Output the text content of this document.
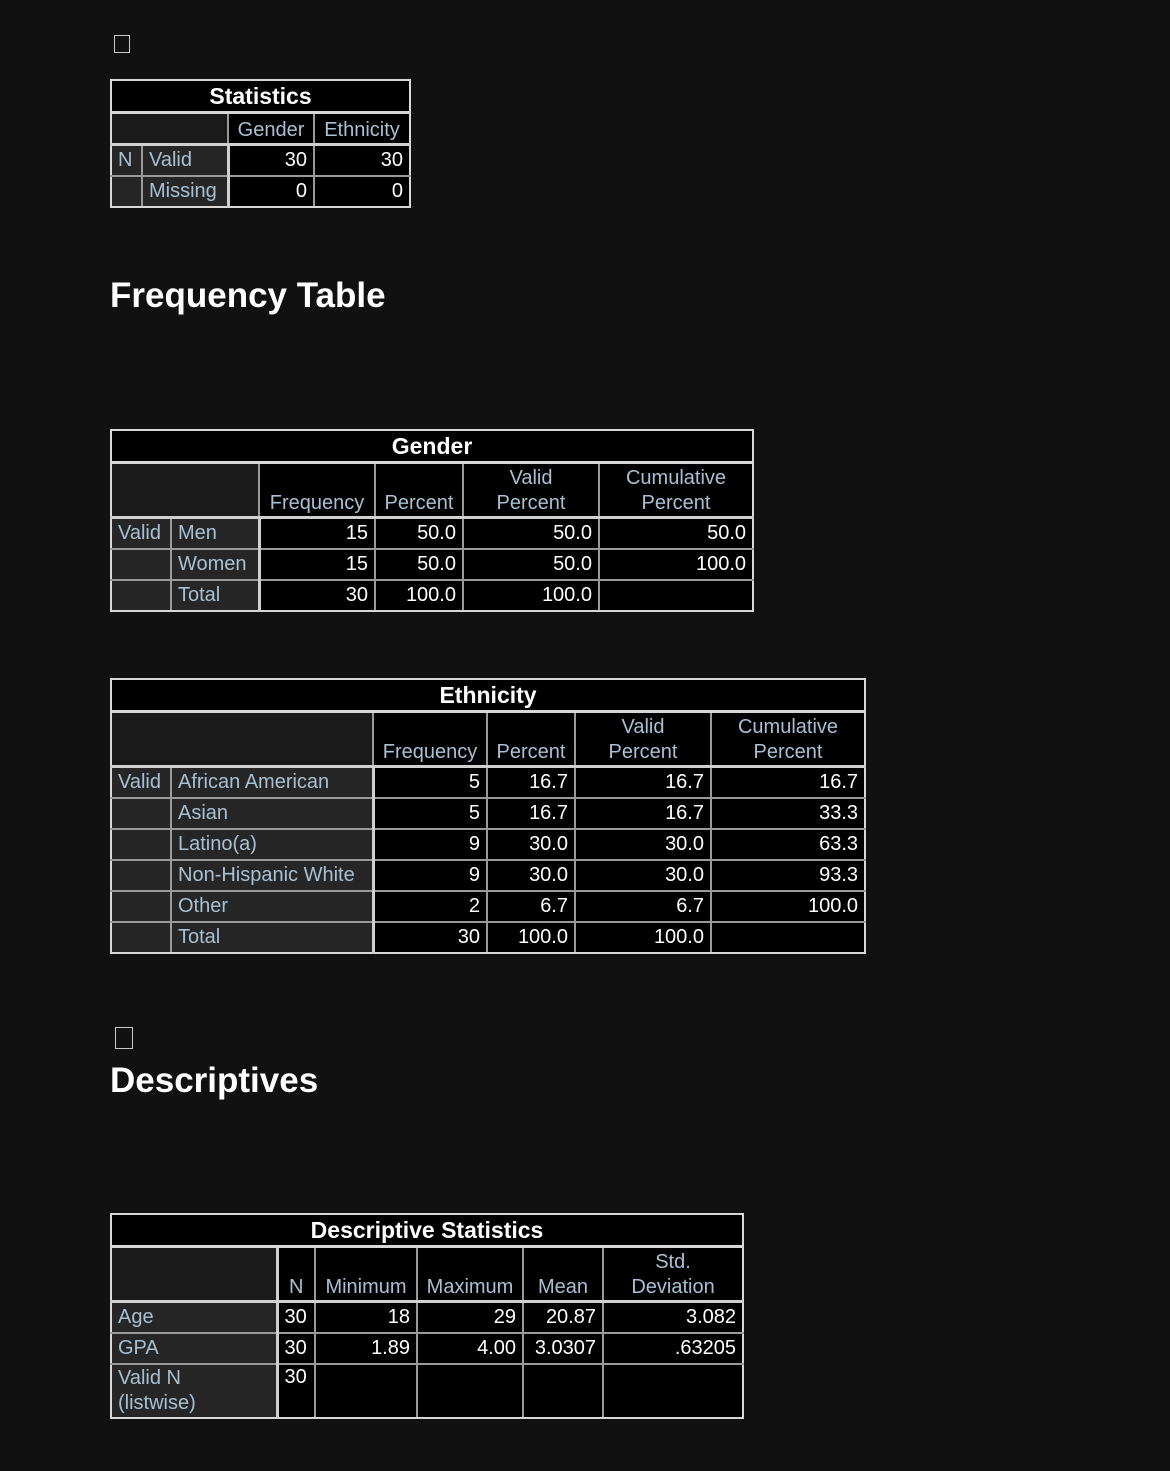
Statistics			
		Gender	Ethnicity
N	Valid	30	30
	Missing	0	0
Frequency Table
Gender					
		Frequency	Percent	Valid Percent	Cumulative Percent
Valid	Men	15	50.0	50.0	50.0
	Women	15	50.0	50.0	100.0
	Total	30	100.0	100.0	
Ethnicity					
		Frequency	Percent	Valid Percent	Cumulative Percent
Valid	African American	5	16.7	16.7	16.7
	Asian	5	16.7	16.7	33.3
	Latino(a)	9	30.0	30.0	63.3
	Non-Hispanic White	9	30.0	30.0	93.3
	Other	2	6.7	6.7	100.0
	Total	30	100.0	100.0	
Descriptives
Descriptive Statistics					
	N	Minimum	Maximum	Mean	Std. Deviation
Age	30	18	29	20.87	3.082
GPA	30	1.89	4.00	3.0307	.63205
Valid N (listwise)	30				
